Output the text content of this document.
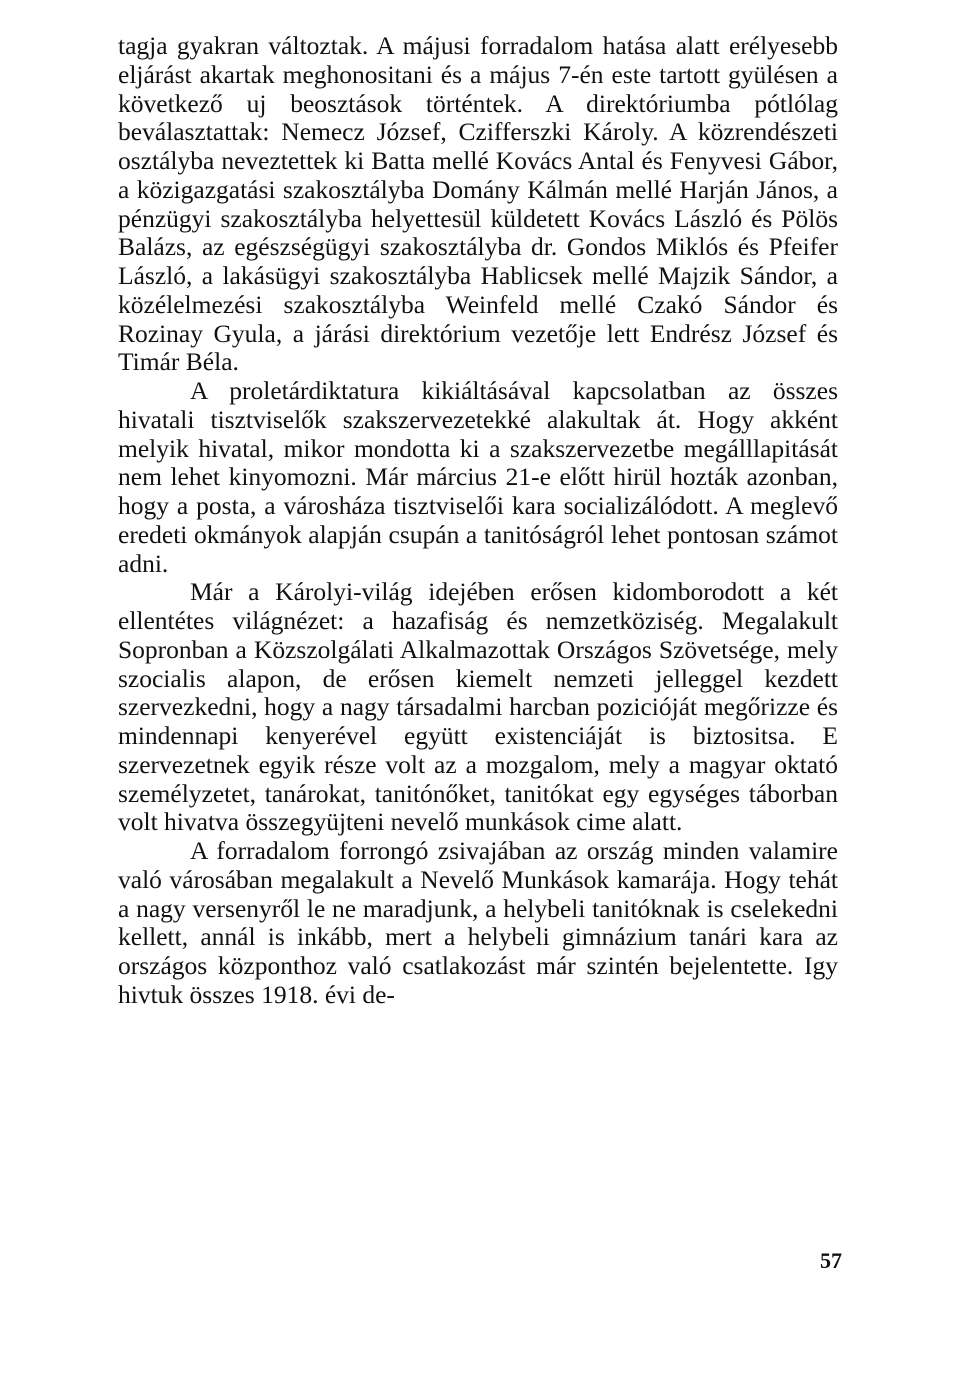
tagja gyakran változtak. A májusi forradalom hatása alatt erélyesebb eljárást akartak meghonositani és a május 7-én este tartott gyülésen a következő uj beosztások történtek. A direktóriumba pótlólag beválasztattak: Nemecz József, Czifferszki Károly. A közrendészeti osztályba neveztettek ki Batta mellé Kovács Antal és Fenyvesi Gábor, a közigazgatási szakosztályba Domány Kálmán mellé Harján János, a pénzügyi szakosztályba helyettesül küldetett Kovács László és Pölös Balázs, az egészségügyi szakosztályba dr. Gondos Miklós és Pfeifer László, a lakásügyi szakosztályba Hablicsek mellé Majzik Sándor, a közélelmezési szakosztályba Weinfeld mellé Czakó Sándor és Rozinay Gyula, a járási direktórium vezetője lett Endrész József és Timár Béla.

A proletárdiktatura kikiáltásával kapcsolatban az összes hivatali tisztviselők szakszervezetekké alakultak át. Hogy akként melyik hivatal, mikor mondotta ki a szakszervezetbe megálllapitását nem lehet kinyomozni. Már március 21-e előtt hirül hozták azonban, hogy a posta, a városháza tisztviselői kara socializálódott. A meglevő eredeti okmányok alapján csupán a tanitóságról lehet pontosan számot adni.

Már a Károlyi-világ idejében erősen kidomborodott a két ellentétes világnézet: a hazafiság és nemzetköziség. Megalakult Sopronban a Közszolgálati Alkalmazottak Országos Szövetsége, mely szocialis alapon, de erősen kiemelt nemzeti jelleggel kezdett szervezkedni, hogy a nagy társadalmi harcban pozicióját megőrizze és mindennapi kenyerével együtt existenciáját is biztositsa. E szervezetnek egyik része volt az a mozgalom, mely a magyar oktató személyzetet, tanárokat, tanitónőket, tanitókat egy egységes táborban volt hivatva összegyüjteni nevelő munkások cime alatt.

A forradalom forrongó zsivajában az ország minden valamire való városában megalakult a Nevelő Munkások kamarája. Hogy tehát a nagy versenyről le ne maradjunk, a helybeli tanitóknak is cselekedni kellett, annál is inkább, mert a helybeli gimnázium tanári kara az országos központhoz való csatlakozást már szintén bejelentette. Igy hivtuk összes 1918. évi de-

57
